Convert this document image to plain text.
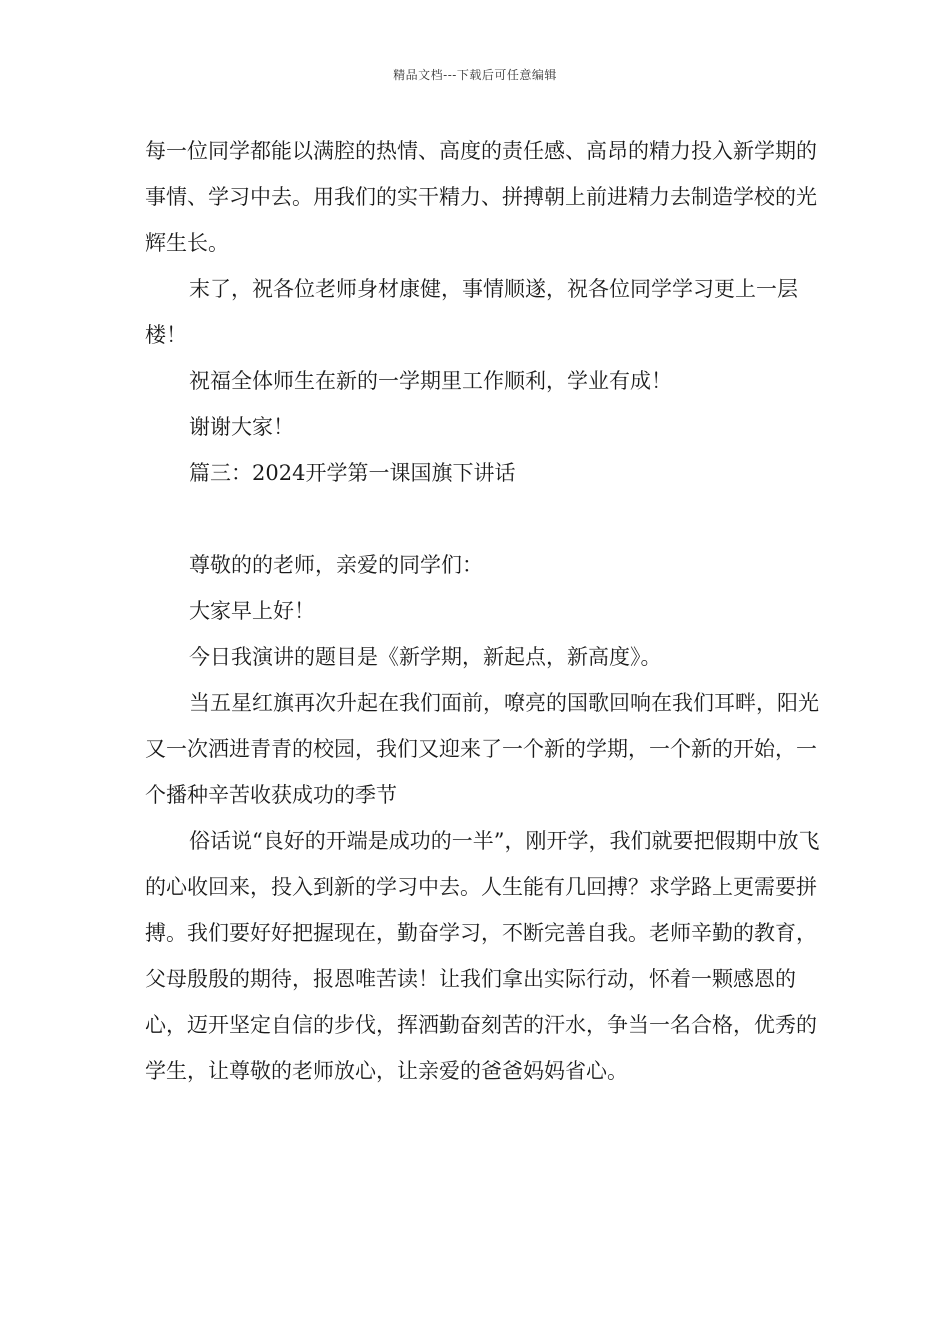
精品文档---下载后可任意编辑

每一位同学都能以满腔的热情、高度的责任感、高昂的精力投入新学期的事情、学习中去。用我们的实干精力、拼搏朝上前进精力去制造学校的光辉生长。

末了，祝各位老师身材康健，事情顺遂，祝各位同学学习更上一层楼！

祝福全体师生在新的一学期里工作顺利，学业有成！

谢谢大家！

篇三：2024开学第一课国旗下讲话

尊敬的的老师，亲爱的同学们：

大家早上好！

今日我演讲的题目是《新学期，新起点，新高度》。

当五星红旗再次升起在我们面前，嘹亮的国歌回响在我们耳畔，阳光又一次洒进青青的校园，我们又迎来了一个新的学期，一个新的开始，一个播种辛苦收获成功的季节

俗话说“良好的开端是成功的一半”，刚开学，我们就要把假期中放飞的心收回来，投入到新的学习中去。人生能有几回搏？求学路上更需要拼搏。我们要好好把握现在，勤奋学习，不断完善自我。老师辛勤的教育，父母殷殷的期待，报恩唯苦读！让我们拿出实际行动，怀着一颗感恩的心，迈开坚定自信的步伐，挥洒勤奋刻苦的汗水，争当一名合格，优秀的学生，让尊敬的老师放心，让亲爱的爸爸妈妈省心。
